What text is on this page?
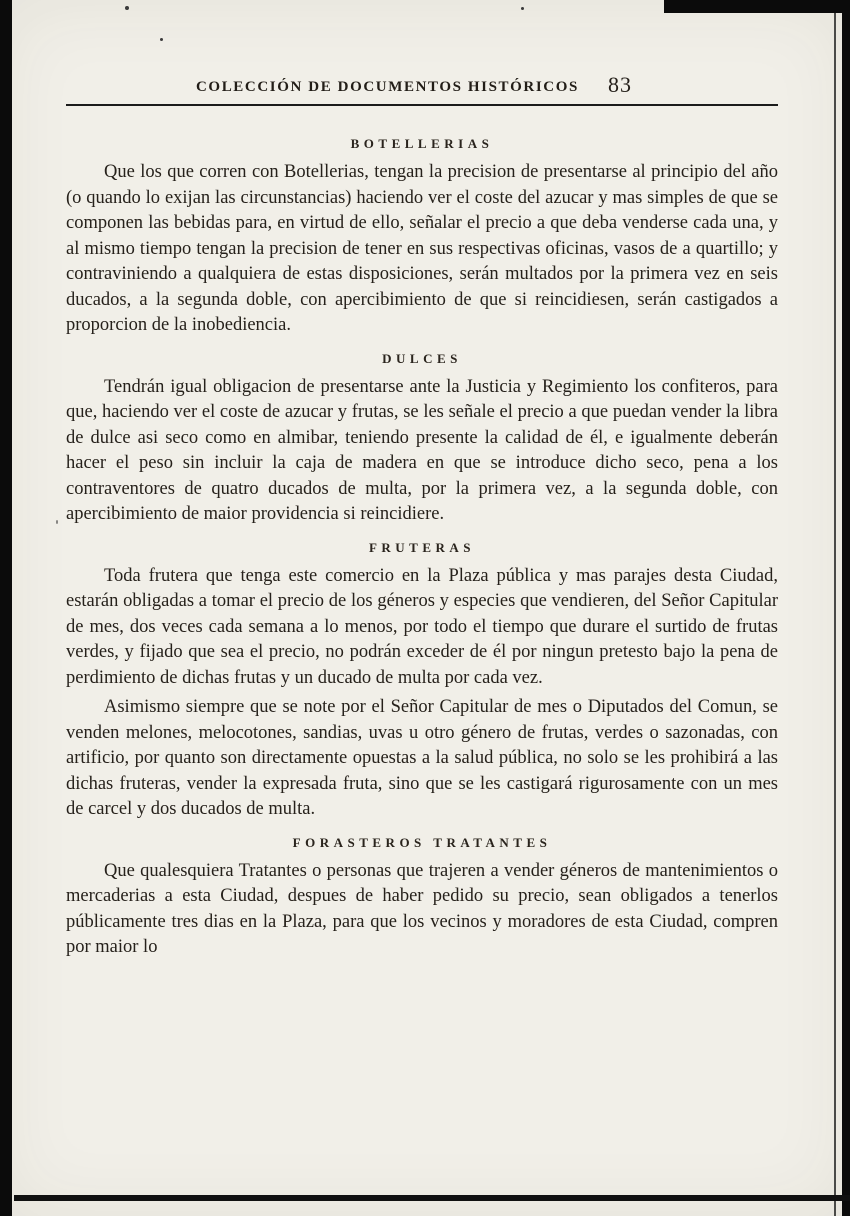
COLECCIÓN DE DOCUMENTOS HISTÓRICOS 83
BOTELLERIAS

Que los que corren con Botellerias, tengan la precision de presentarse al principio del año (o quando lo exijan las circunstancias) haciendo ver el coste del azucar y mas simples de que se componen las bebidas para, en virtud de ello, señalar el precio a que deba venderse cada una, y al mismo tiempo tengan la precision de tener en sus respectivas oficinas, vasos de a quartillo; y contraviniendo a qualquiera de estas disposiciones, serán multados por la primera vez en seis ducados, a la segunda doble, con apercibimiento de que si reincidiesen, serán castigados a proporcion de la inobediencia.

DULCES

Tendrán igual obligacion de presentarse ante la Justicia y Regimiento los confiteros, para que, haciendo ver el coste de azucar y frutas, se les señale el precio a que puedan vender la libra de dulce asi seco como en almibar, teniendo presente la calidad de él, e igualmente deberán hacer el peso sin incluir la caja de madera en que se introduce dicho seco, pena a los contraventores de quatro ducados de multa, por la primera vez, a la segunda doble, con apercibimiento de maior providencia si reincidiere.

FRUTERAS

Toda frutera que tenga este comercio en la Plaza pública y mas parajes desta Ciudad, estarán obligadas a tomar el precio de los géneros y especies que vendieren, del Señor Capitular de mes, dos veces cada semana a lo menos, por todo el tiempo que durare el surtido de frutas verdes, y fijado que sea el precio, no podrán exceder de él por ningun pretesto bajo la pena de perdimiento de dichas frutas y un ducado de multa por cada vez.

Asimismo siempre que se note por el Señor Capitular de mes o Diputados del Comun, se venden melones, melocotones, sandias, uvas u otro género de frutas, verdes o sazonadas, con artificio, por quanto son directamente opuestas a la salud pública, no solo se les prohibirá a las dichas fruteras, vender la expresada fruta, sino que se les castigará rigurosamente con un mes de carcel y dos ducados de multa.

FORASTEROS TRATANTES

Que qualesquiera Tratantes o personas que trajeren a vender géneros de mantenimientos o mercaderias a esta Ciudad, despues de haber pedido su precio, sean obligados a tenerlos públicamente tres dias en la Plaza, para que los vecinos y moradores de esta Ciudad, compren por maior lo
